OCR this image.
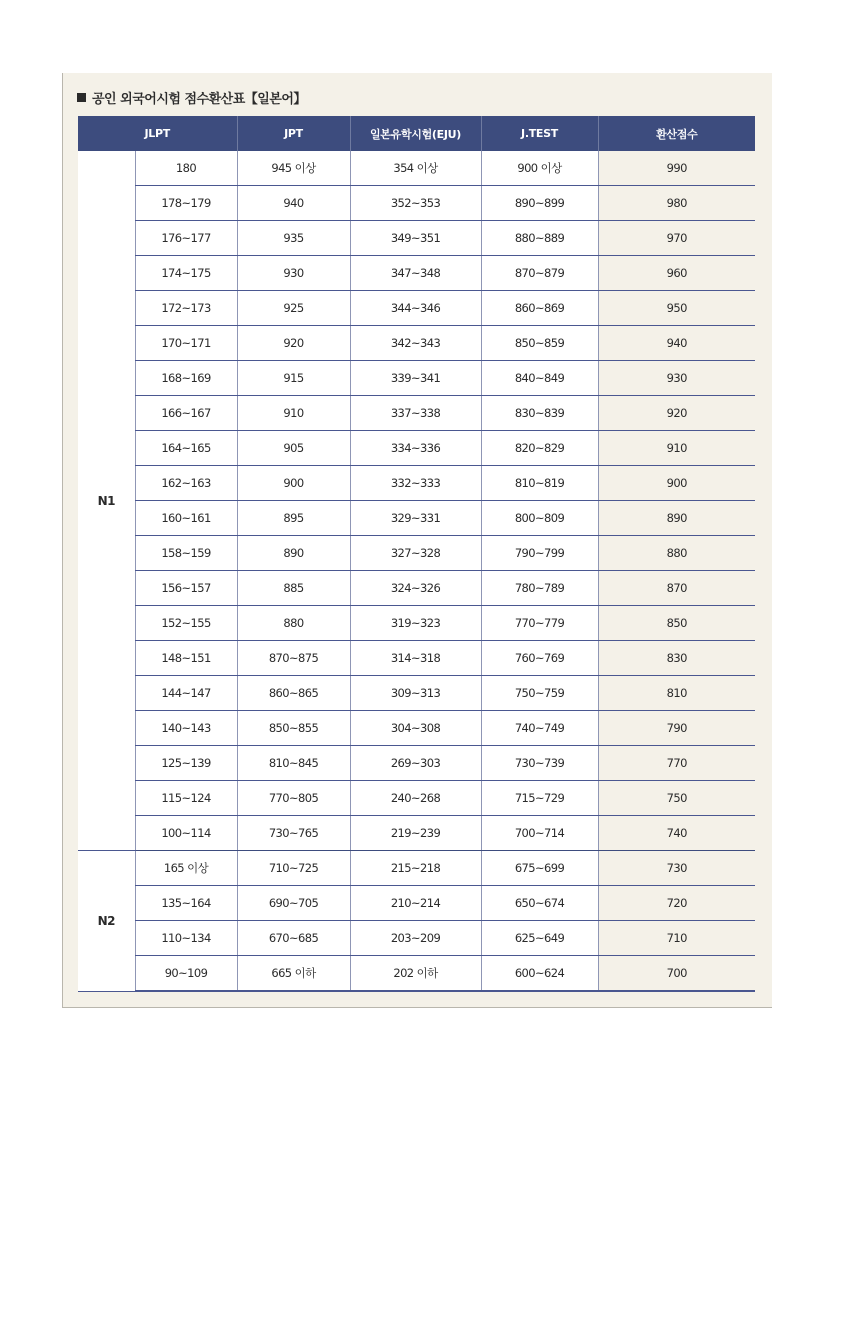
공인 외국어시험 점수환산표【일본어】
JLPT		JPT	일본유학시험(EJU)	J.TEST	환산점수
N1	180	945 이상	354 이상	900 이상	990
	178~179	940	352~353	890~899	980
	176~177	935	349~351	880~889	970
	174~175	930	347~348	870~879	960
	172~173	925	344~346	860~869	950
	170~171	920	342~343	850~859	940
	168~169	915	339~341	840~849	930
	166~167	910	337~338	830~839	920
	164~165	905	334~336	820~829	910
	162~163	900	332~333	810~819	900
	160~161	895	329~331	800~809	890
	158~159	890	327~328	790~799	880
	156~157	885	324~326	780~789	870
	152~155	880	319~323	770~779	850
	148~151	870~875	314~318	760~769	830
	144~147	860~865	309~313	750~759	810
	140~143	850~855	304~308	740~749	790
	125~139	810~845	269~303	730~739	770
	115~124	770~805	240~268	715~729	750
	100~114	730~765	219~239	700~714	740
N2	165 이상	710~725	215~218	675~699	730
	135~164	690~705	210~214	650~674	720
	110~134	670~685	203~209	625~649	710
	90~109	665 이하	202 이하	600~624	700
